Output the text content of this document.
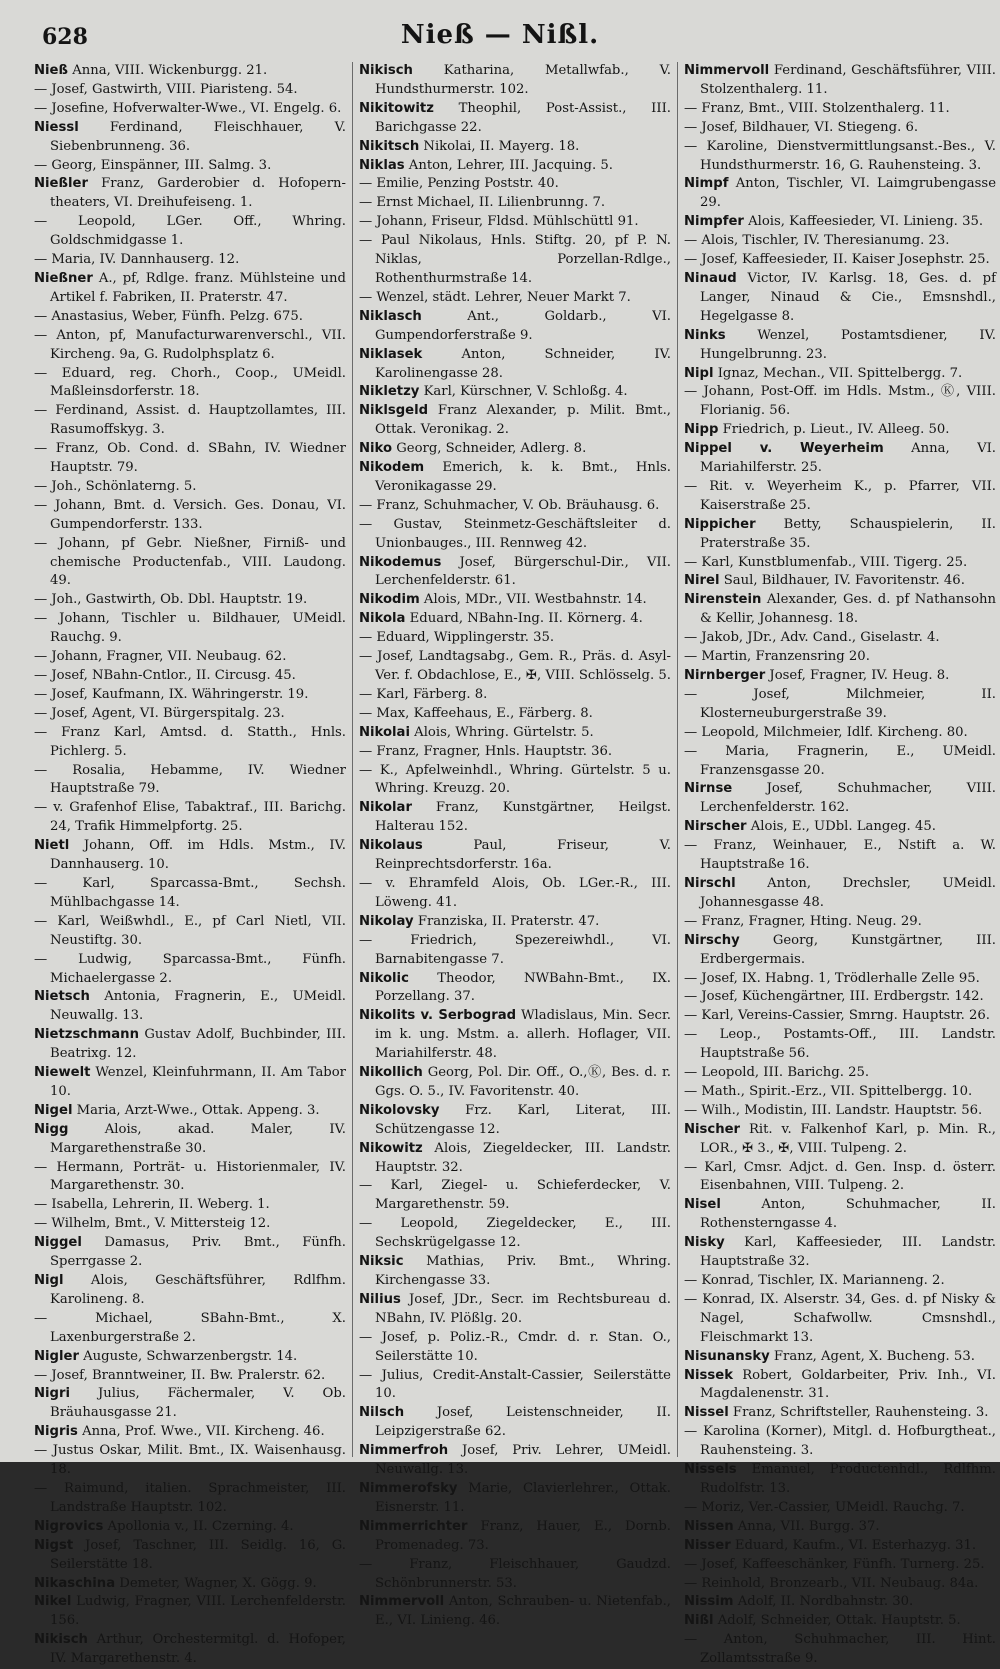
628	Nieß — Nißl.

Nieß Anna, VIII. Wickenburgg. 21.

— Josef, Gastwirth, VIII. Piaristeng. 54.

— Josefine, Hofverwalter-Wwe., VI. Engelg. 6.

Niessl Ferdinand, Fleischhauer, V. Siebenbrunneng. 36.

— Georg, Einspänner, III. Salmg. 3.

Nießler Franz, Garderobier d. Hofopern-theaters, VI. Dreihufeiseng. 1.

— Leopold, LGer. Off., Whring. Goldschmidgasse 1.

— Maria, IV. Dannhauserg. 12.

Nießner A., pf, Rdlge. franz. Mühlsteine und Artikel f. Fabriken, II. Praterstr. 47.

— Anastasius, Weber, Fünfh. Pelzg. 675.

— Anton, pf, Manufacturwarenverschl., VII. Kircheng. 9a, G. Rudolphsplatz 6.

— Eduard, reg. Chorh., Coop., UMeidl. Maßleinsdorferstr. 18.

— Ferdinand, Assist. d. Hauptzollamtes, III. Rasumoffskyg. 3.

— Franz, Ob. Cond. d. SBahn, IV. Wiedner Hauptstr. 79.

— Joh., Schönlaterng. 5.

— Johann, Bmt. d. Versich. Ges. Donau, VI. Gumpendorferstr. 133.

— Johann, pf Gebr. Nießner, Firniß- und chemische Productenfab., VIII. Laudong. 49.

— Joh., Gastwirth, Ob. Dbl. Hauptstr. 19.

— Johann, Tischler u. Bildhauer, UMeidl. Rauchg. 9.

— Johann, Fragner, VII. Neubaug. 62.

— Josef, NBahn-Cntlor., II. Circusg. 45.

— Josef, Kaufmann, IX. Währingerstr. 19.

— Josef, Agent, VI. Bürgerspitalg. 23.

— Franz Karl, Amtsd. d. Statth., Hnls. Pichlerg. 5.

— Rosalia, Hebamme, IV. Wiedner Hauptstraße 79.

— v. Grafenhof Elise, Tabaktraf., III. Barichg. 24, Trafik Himmelpfortg. 25.

Nietl Johann, Off. im Hdls. Mstm., IV. Dannhauserg. 10.

— Karl, Sparcassa-Bmt., Sechsh. Mühlbachgasse 14.

— Karl, Weißwhdl., E., pf Carl Nietl, VII. Neustiftg. 30.

— Ludwig, Sparcassa-Bmt., Fünfh. Michaelergasse 2.

Nietsch Antonia, Fragnerin, E., UMeidl. Neuwallg. 13.

Nietzschmann Gustav Adolf, Buchbinder, III. Beatrixg. 12.

Niewelt Wenzel, Kleinfuhrmann, II. Am Tabor 10.

Nigel Maria, Arzt-Wwe., Ottak. Appeng. 3.

Nigg Alois, akad. Maler, IV. Margarethenstraße 30.

— Hermann, Porträt- u. Historienmaler, IV. Margarethenstr. 30.

— Isabella, Lehrerin, II. Weberg. 1.

— Wilhelm, Bmt., V. Mittersteig 12.

Niggel Damasus, Priv. Bmt., Fünfh. Sperrgasse 2.

Nigl Alois, Geschäftsführer, Rdlfhm. Karolineng. 8.

— Michael, SBahn-Bmt., X. Laxenburgerstraße 2.

Nigler Auguste, Schwarzenbergstr. 14.

— Josef, Branntweiner, II. Bw. Pralerstr. 62.

Nigri Julius, Fächermaler, V. Ob. Bräuhausgasse 21.

Nigris Anna, Prof. Wwe., VII. Kircheng. 46.

— Justus Oskar, Milit. Bmt., IX. Waisenhausg. 18.

— Raimund, italien. Sprachmeister, III. Landstraße Hauptstr. 102.

Nigrovics Apollonia v., II. Czerning. 4.

Nigst Josef, Taschner, III. Seidlg. 16, G. Seilerstätte 18.

Nikaschina Demeter, Wagner, X. Gögg. 9.

Nikel Ludwig, Fragner, VIII. Lerchenfelderstr. 156.

Nikisch Arthur, Orchestermitgl. d. Hofoper, IV. Margarethenstr. 4.

Nikisch Katharina, Metallwfab., V. Hundsthurmerstr. 102.

Nikitowitz Theophil, Post-Assist., III. Barichgasse 22.

Nikitsch Nikolai, II. Mayerg. 18.

Niklas Anton, Lehrer, III. Jacquing. 5.

— Emilie, Penzing Poststr. 40.

— Ernst Michael, II. Lilienbrunng. 7.

— Johann, Friseur, Fldsd. Mühlschüttl 91.

— Paul Nikolaus, Hnls. Stiftg. 20, pf P. N. Niklas, Porzellan-Rdlge., Rothenthurmstraße 14.

— Wenzel, städt. Lehrer, Neuer Markt 7.

Niklasch Ant., Goldarb., VI. Gumpendorferstraße 9.

Niklasek Anton, Schneider, IV. Karolinengasse 28.

Nikletzy Karl, Kürschner, V. Schloßg. 4.

Niklsgeld Franz Alexander, p. Milit. Bmt., Ottak. Veronikag. 2.

Niko Georg, Schneider, Adlerg. 8.

Nikodem Emerich, k. k. Bmt., Hnls. Veronikagasse 29.

— Franz, Schuhmacher, V. Ob. Bräuhausg. 6.

— Gustav, Steinmetz-Geschäftsleiter d. Unionbauges., III. Rennweg 42.

Nikodemus Josef, Bürgerschul-Dir., VII. Lerchenfelderstr. 61.

Nikodim Alois, MDr., VII. Westbahnstr. 14.

Nikola Eduard, NBahn-Ing. II. Körnerg. 4.

— Eduard, Wipplingerstr. 35.

— Josef, Landtagsabg., Gem. R., Präs. d. Asyl-Ver. f. Obdachlose, E., ✠, VIII. Schlösselg. 5.

— Karl, Färberg. 8.

— Max, Kaffeehaus, E., Färberg. 8.

Nikolai Alois, Whring. Gürtelstr. 5.

— Franz, Fragner, Hnls. Hauptstr. 36.

— K., Apfelweinhdl., Whring. Gürtelstr. 5 u. Whring. Kreuzg. 20.

Nikolar Franz, Kunstgärtner, Heilgst. Halterau 152.

Nikolaus Paul, Friseur, V. Reinprechtsdorferstr. 16a.

— v. Ehramfeld Alois, Ob. LGer.-R., III. Löweng. 41.

Nikolay Franziska, II. Praterstr. 47.

— Friedrich, Spezereiwhdl., VI. Barnabitengasse 7.

Nikolic Theodor, NWBahn-Bmt., IX. Porzellang. 37.

Nikolits v. Serbograd Wladislaus, Min. Secr. im k. ung. Mstm. a. allerh. Hoflager, VII. Mariahilferstr. 48.

Nikollich Georg, Pol. Dir. Off., O.,Ⓚ, Bes. d. r. Ggs. O. 5., IV. Favoritenstr. 40.

Nikolovsky Frz. Karl, Literat, III. Schützengasse 12.

Nikowitz Alois, Ziegeldecker, III. Landstr. Hauptstr. 32.

— Karl, Ziegel- u. Schieferdecker, V. Margarethenstr. 59.

— Leopold, Ziegeldecker, E., III. Sechskrügelgasse 12.

Niksic Mathias, Priv. Bmt., Whring. Kirchengasse 33.

Nilius Josef, JDr., Secr. im Rechtsbureau d. NBahn, IV. Plößlg. 20.

— Josef, p. Poliz.-R., Cmdr. d. r. Stan. O., Seilerstätte 10.

— Julius, Credit-Anstalt-Cassier, Seilerstätte 10.

Nilsch Josef, Leistenschneider, II. Leipzigerstraße 62.

Nimmerfroh Josef, Priv. Lehrer, UMeidl. Neuwallg. 13.

Nimmerofsky Marie, Clavierlehrer., Ottak. Eisnerstr. 11.

Nimmerrichter Franz, Hauer, E., Dornb. Promenadeg. 73.

— Franz, Fleischhauer, Gaudzd. Schönbrunnerstr. 53.

Nimmervoll Anton, Schrauben- u. Nietenfab., E., VI. Linieng. 46.

Nimmervoll Ferdinand, Geschäftsführer, VIII. Stolzenthalerg. 11.

— Franz, Bmt., VIII. Stolzenthalerg. 11.

— Josef, Bildhauer, VI. Stiegeng. 6.

— Karoline, Dienstvermittlungsanst.-Bes., V. Hundsthurmerstr. 16, G. Rauhensteing. 3.

Nimpf Anton, Tischler, VI. Laimgrubengasse 29.

Nimpfer Alois, Kaffeesieder, VI. Linieng. 35.

— Alois, Tischler, IV. Theresianumg. 23.

— Josef, Kaffeesieder, II. Kaiser Josephstr. 25.

Ninaud Victor, IV. Karlsg. 18, Ges. d. pf Langer, Ninaud & Cie., Emsnshdl., Hegelgasse 8.

Ninks Wenzel, Postamtsdiener, IV. Hungelbrunng. 23.

Nipl Ignaz, Mechan., VII. Spittelbergg. 7.

— Johann, Post-Off. im Hdls. Mstm., Ⓚ, VIII. Florianig. 56.

Nipp Friedrich, p. Lieut., IV. Alleeg. 50.

Nippel v. Weyerheim Anna, VI. Mariahilferstr. 25.

— Rit. v. Weyerheim K., p. Pfarrer, VII. Kaiserstraße 25.

Nippicher Betty, Schauspielerin, II. Praterstraße 35.

— Karl, Kunstblumenfab., VIII. Tigerg. 25.

Nirel Saul, Bildhauer, IV. Favoritenstr. 46.

Nirenstein Alexander, Ges. d. pf Nathansohn & Kellir, Johannesg. 18.

— Jakob, JDr., Adv. Cand., Giselastr. 4.

— Martin, Franzensring 20.

Nirnberger Josef, Fragner, IV. Heug. 8.

— Josef, Milchmeier, II. Klosterneuburgerstraße 39.

— Leopold, Milchmeier, Idlf. Kircheng. 80.

— Maria, Fragnerin, E., UMeidl. Franzensgasse 20.

Nirnse Josef, Schuhmacher, VIII. Lerchenfelderstr. 162.

Nirscher Alois, E., UDbl. Langeg. 45.

— Franz, Weinhauer, E., Nstift a. W. Hauptstraße 16.

Nirschl Anton, Drechsler, UMeidl. Johannesgasse 48.

— Franz, Fragner, Hting. Neug. 29.

Nirschy Georg, Kunstgärtner, III. Erdbergermais.

— Josef, IX. Habng. 1, Trödlerhalle Zelle 95.

— Josef, Küchengärtner, III. Erdbergstr. 142.

— Karl, Vereins-Cassier, Smrng. Hauptstr. 26.

— Leop., Postamts-Off., III. Landstr. Hauptstraße 56.

— Leopold, III. Barichg. 25.

— Math., Spirit.-Erz., VII. Spittelbergg. 10.

— Wilh., Modistin, III. Landstr. Hauptstr. 56.

Nischer Rit. v. Falkenhof Karl, p. Min. R., LOR., ✠ 3., ✠, VIII. Tulpeng. 2.

— Karl, Cmsr. Adjct. d. Gen. Insp. d. österr. Eisenbahnen, VIII. Tulpeng. 2.

Nisel Anton, Schuhmacher, II. Rothensterngasse 4.

Nisky Karl, Kaffeesieder, III. Landstr. Hauptstraße 32.

— Konrad, Tischler, IX. Marianneng. 2.

— Konrad, IX. Alserstr. 34, Ges. d. pf Nisky & Nagel, Schafwollw. Cmsnshdl., Fleischmarkt 13.

Nisunansky Franz, Agent, X. Bucheng. 53.

Nissek Robert, Goldarbeiter, Priv. Inh., VI. Magdalenenstr. 31.

Nissel Franz, Schriftsteller, Rauhensteing. 3.

— Karolina (Korner), Mitgl. d. Hofburgtheat., Rauhensteing. 3.

Nissels Emanuel, Productenhdl., Rdlfhm. Rudolfstr. 13.

— Moriz, Ver.-Cassier, UMeidl. Rauchg. 7.

Nissen Anna, VII. Burgg. 37.

Nisser Eduard, Kaufm., VI. Esterhazyg. 31.

— Josef, Kaffeeschänker, Fünfh. Turnerg. 25.

— Reinhold, Bronzearb., VII. Neubaug. 84a.

Nissim Adolf, II. Nordbahnstr. 30.

Nißl Adolf, Schneider, Ottak. Hauptstr. 5.

— Anton, Schuhmacher, III. Hint. Zollamtsstraße 9.
